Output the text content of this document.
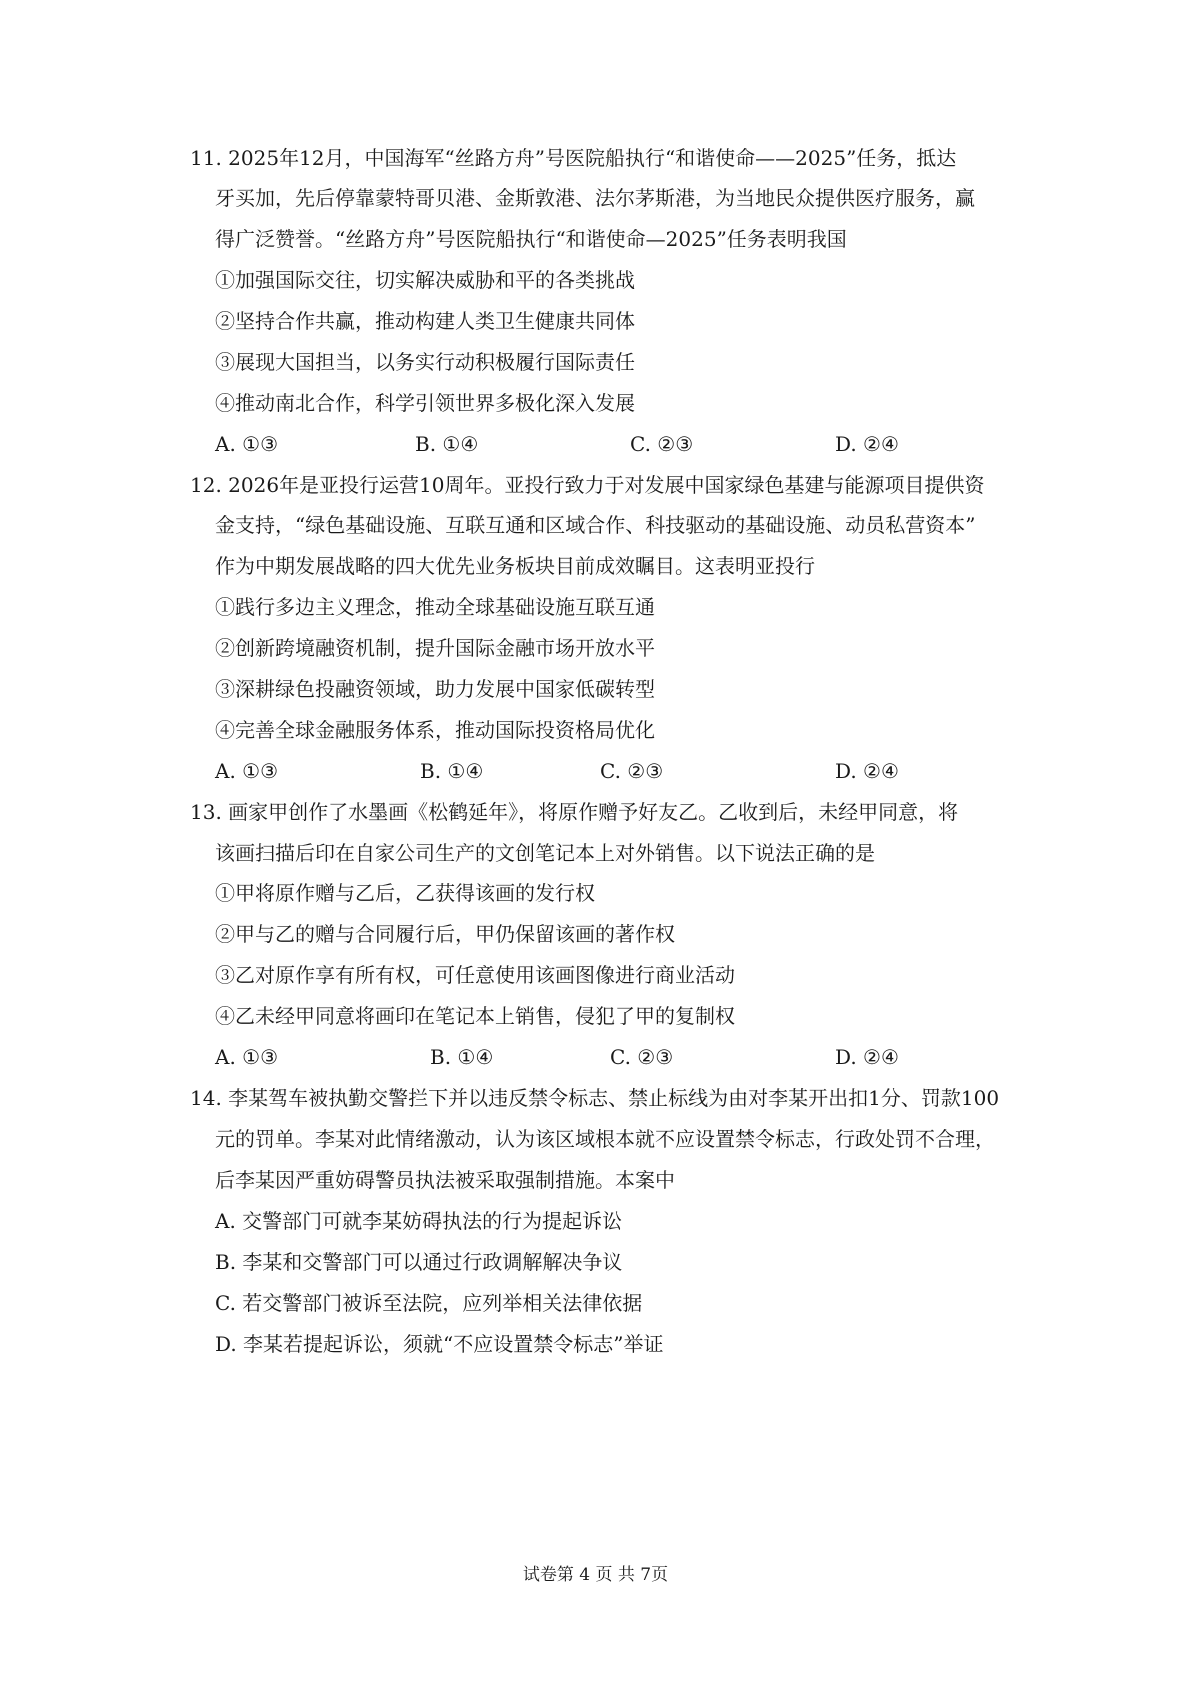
11. 2025年12月，中国海军“丝路方舟”号医院船执行“和谐使命——2025”任务，抵达
牙买加，先后停靠蒙特哥贝港、金斯敦港、法尔茅斯港，为当地民众提供医疗服务，赢
得广泛赞誉。“丝路方舟”号医院船执行“和谐使命—2025”任务表明我国
①加强国际交往，切实解决威胁和平的各类挑战
②坚持合作共赢，推动构建人类卫生健康共同体
③展现大国担当，以务实行动积极履行国际责任
④推动南北合作，科学引领世界多极化深入发展
A. ①③	B. ①④	C. ②③	D. ②④
12. 2026年是亚投行运营10周年。亚投行致力于对发展中国家绿色基建与能源项目提供资
金支持，“绿色基础设施、互联互通和区域合作、科技驱动的基础设施、动员私营资本”
作为中期发展战略的四大优先业务板块目前成效瞩目。这表明亚投行
①践行多边主义理念，推动全球基础设施互联互通
②创新跨境融资机制，提升国际金融市场开放水平
③深耕绿色投融资领域，助力发展中国家低碳转型
④完善全球金融服务体系，推动国际投资格局优化
A. ①③	B. ①④	C. ②③	D. ②④
13. 画家甲创作了水墨画《松鹤延年》，将原作赠予好友乙。乙收到后，未经甲同意，将
该画扫描后印在自家公司生产的文创笔记本上对外销售。以下说法正确的是
①甲将原作赠与乙后，乙获得该画的发行权
②甲与乙的赠与合同履行后，甲仍保留该画的著作权
③乙对原作享有所有权，可任意使用该画图像进行商业活动
④乙未经甲同意将画印在笔记本上销售，侵犯了甲的复制权
A. ①③	B. ①④	C. ②③	D. ②④
14. 李某驾车被执勤交警拦下并以违反禁令标志、禁止标线为由对李某开出扣1分、罚款100
元的罚单。李某对此情绪激动，认为该区域根本就不应设置禁令标志，行政处罚不合理，
后李某因严重妨碍警员执法被采取强制措施。本案中
A. 交警部门可就李某妨碍执法的行为提起诉讼
B. 李某和交警部门可以通过行政调解解决争议
C. 若交警部门被诉至法院，应列举相关法律依据
D. 李某若提起诉讼，须就“不应设置禁令标志”举证
试卷第 4 页 共 7页
